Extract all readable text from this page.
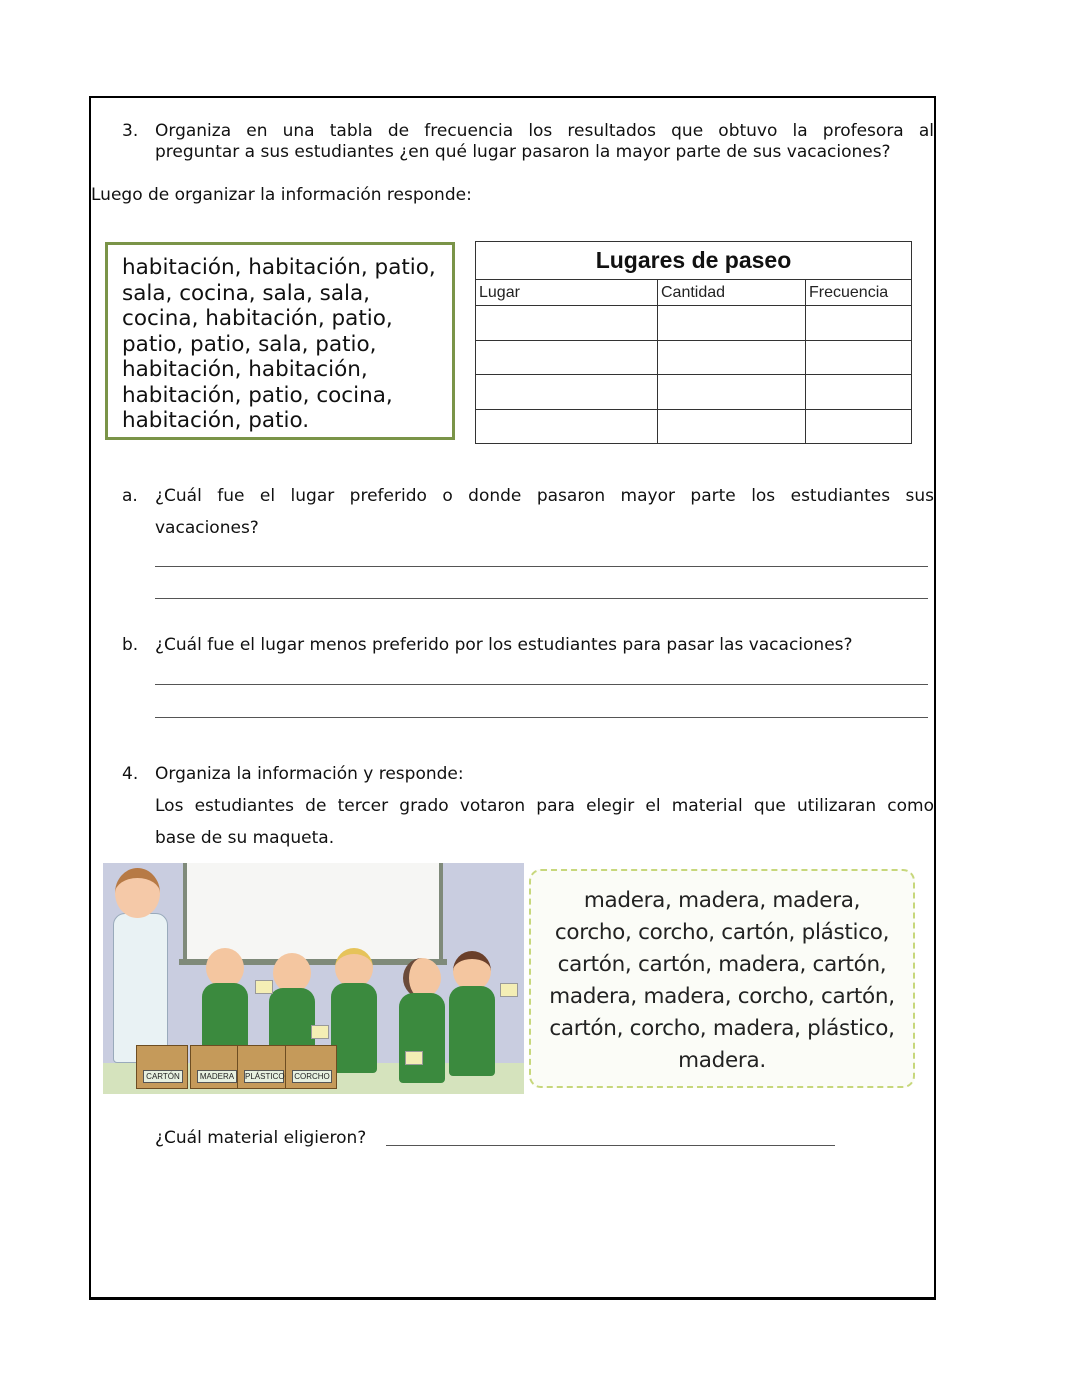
3. Organiza en una tabla de frecuencia los resultados que obtuvo la profesora al
preguntar a sus estudiantes ¿en qué lugar pasaron la mayor parte de sus vacaciones?
Luego de organizar la información responde:
habitación, habitación, patio,
sala, cocina, sala, sala,
cocina, habitación, patio,
patio, patio, sala, patio,
habitación, habitación,
habitación, patio, cocina,
habitación, patio.
Lugares de paseo		
Lugar	Cantidad	Frecuencia

a. ¿Cuál fue el lugar preferido o donde pasaron mayor parte los estudiantes sus
vacaciones?
b. ¿Cuál fue el lugar menos preferido por los estudiantes para pasar las vacaciones?
4. Organiza la información y responde:
Los estudiantes de tercer grado votaron para elegir el material que utilizaran como
base de su maqueta.
CARTÓN	MADERA	PLÁSTICO CORCHO
madera, madera, madera,
corcho, corcho, cartón, plástico,
cartón, cartón, madera, cartón,
madera, madera, corcho, cartón,
cartón, corcho, madera, plástico,
madera.
¿Cuál material eligieron?
